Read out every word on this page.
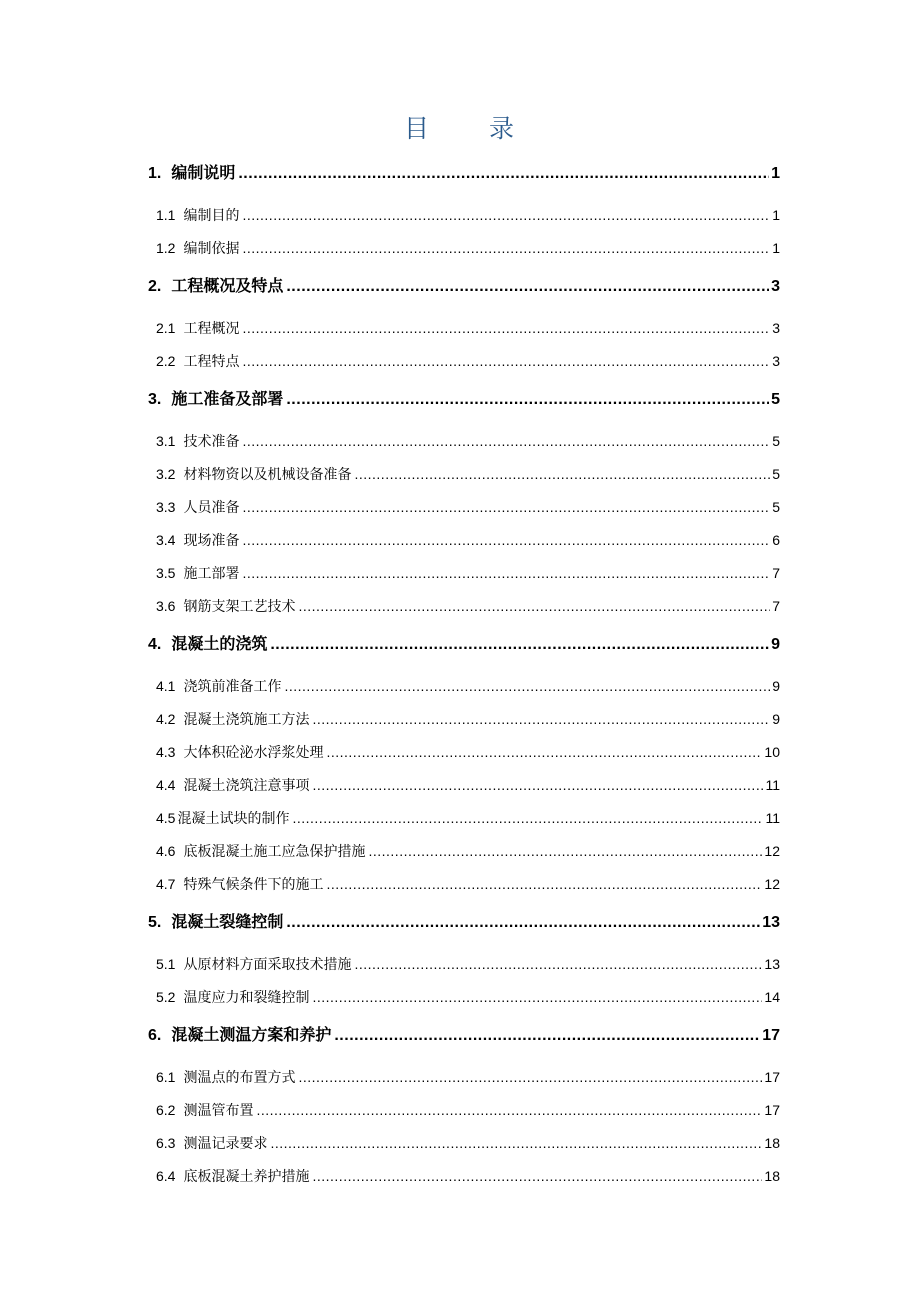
目 录
1. 编制说明 .....	1
1.1 编制目的 .....	1
1.2 编制依据 .....	1
2. 工程概况及特点 .....	3
2.1 工程概况 .....	3
2.2 工程特点 .....	3
3. 施工准备及部署 .....	5
3.1 技术准备 .....	5
3.2 材料物资以及机械设备准备 .....	5
3.3 人员准备 .....	5
3.4 现场准备 .....	6
3.5 施工部署 .....	7
3.6 钢筋支架工艺技术 .....	7
4. 混凝土的浇筑 .....	9
4.1 浇筑前准备工作 .....	9
4.2 混凝土浇筑施工方法 .....	9
4.3 大体积砼泌水浮浆处理 .....	10
4.4 混凝土浇筑注意事项 .....	11
4.5 混凝土试块的制作 .....	11
4.6 底板混凝土施工应急保护措施 .....	12
4.7 特殊气候条件下的施工 .....	12
5. 混凝土裂缝控制 .....	13
5.1 从原材料方面采取技术措施 .....	13
5.2 温度应力和裂缝控制 .....	14
6. 混凝土测温方案和养护 .....	17
6.1 测温点的布置方式 .....	17
6.2 测温管布置 .....	17
6.3 测温记录要求 .....	18
6.4 底板混凝土养护措施 .....	18
